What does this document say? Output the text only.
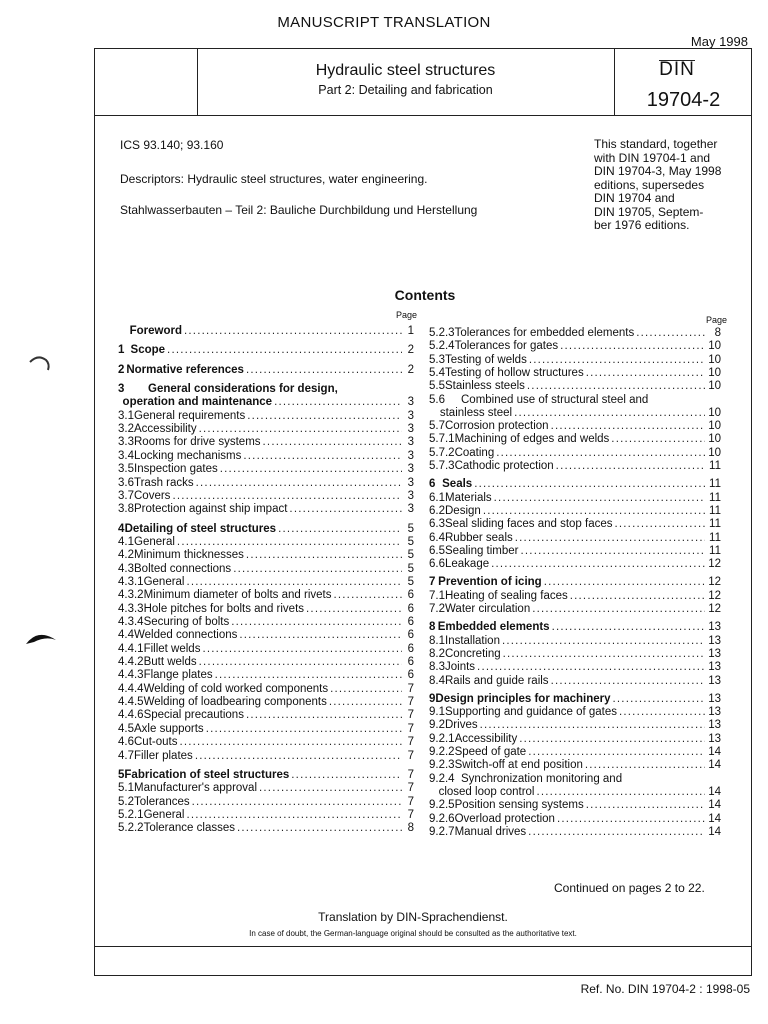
MANUSCRIPT TRANSLATION
May 1998
Hydraulic steel structures
Part 2: Detailing and fabrication
DIN
19704-2
ICS 93.140; 93.160
Descriptors: Hydraulic steel structures, water engineering.
Stahlwasserbauten – Teil 2: Bauliche Durchbildung und Herstellung
This standard, together
with DIN 19704-1 and
DIN 19704-3, May 1998
editions, supersedes
DIN 19704 and
DIN 19705, Septem-
ber 1976 editions.
Contents
Page	Page
Foreword .....	1
1 Scope .....	2
2 Normative references .....	2
3	General considerations for design,
operation and maintenance .....	3
3.1 General requirements .....	3
3.2 Accessibility .....	3
3.3 Rooms for drive systems .....	3
3.4 Locking mechanisms .....	3
3.5 Inspection gates .....	3
3.6 Trash racks .....	3
3.7 Covers .....	3
3.8 Protection against ship impact .....	3
4 Detailing of steel structures .....	5
4.1 General .....	5
4.2 Minimum thicknesses .....	5
4.3 Bolted connections .....	5
4.3.1 General .....	5
4.3.2 Minimum diameter of bolts and rivets .....	6
4.3.3 Hole pitches for bolts and rivets .....	6
4.3.4 Securing of bolts .....	6
4.4 Welded connections .....	6
4.4.1 Fillet welds .....	6
4.4.2 Butt welds .....	6
4.4.3 Flange plates .....	6
4.4.4 Welding of cold worked components .....	7
4.4.5 Welding of loadbearing components .....	7
4.4.6 Special precautions .....	7
4.5 Axle supports .....	7
4.6 Cut-outs .....	7
4.7 Filler plates .....	7
5 Fabrication of steel structures .....	7
5.1 Manufacturer's approval .....	7
5.2 Tolerances .....	7
5.2.1 General .....	7
5.2.2 Tolerance classes .....	8
5.2.3 Tolerances for embedded elements .....	8
5.2.4 Tolerances for gates .....	10
5.3 Testing of welds .....	10
5.4 Testing of hollow structures .....	10
5.5 Stainless steels .....	10
5.6	Combined use of structural steel and
stainless steel .....	10
5.7 Corrosion protection .....	10
5.7.1 Machining of edges and welds .....	10
5.7.2 Coating .....	10
5.7.3 Cathodic protection .....	11
6 Seals .....	11
6.1 Materials .....	11
6.2 Design .....	11
6.3 Seal sliding faces and stop faces .....	11
6.4 Rubber seals .....	11
6.5 Sealing timber .....	11
6.6 Leakage .....	12
7 Prevention of icing .....	12
7.1 Heating of sealing faces .....	12
7.2 Water circulation .....	12
8 Embedded elements .....	13
8.1 Installation .....	13
8.2 Concreting .....	13
8.3 Joints .....	13
8.4 Rails and guide rails .....	13
9 Design principles for machinery .....	13
9.1 Supporting and guidance of gates .....	13
9.2 Drives .....	13
9.2.1 Accessibility .....	13
9.2.2 Speed of gate .....	14
9.2.3 Switch-off at end position .....	14
9.2.4 Synchronization monitoring and
closed loop control .....	14
9.2.5 Position sensing systems .....	14
9.2.6 Overload protection .....	14
9.2.7 Manual drives .....	14
Continued on pages 2 to 22.
Translation by DIN-Sprachendienst.
In case of doubt, the German-language original should be consulted as the authoritative text.
Ref. No. DIN 19704-2 : 1998-05
